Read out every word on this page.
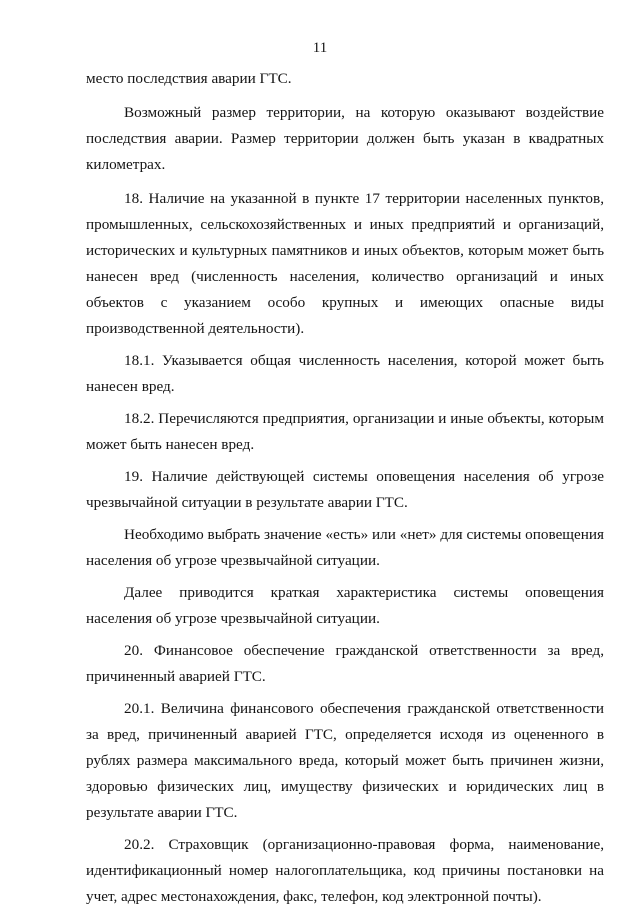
11

место последствия аварии ГТС.

Возможный размер территории, на которую оказывают воздействие последствия аварии. Размер территории должен быть указан в квадратных километрах.

18. Наличие на указанной в пункте 17 территории населенных пунктов, промышленных, сельскохозяйственных и иных предприятий и организаций, исторических и культурных памятников и иных объектов, которым может быть нанесен вред (численность населения, количество организаций и иных объектов с указанием особо крупных и имеющих опасные виды производственной деятельности).

18.1. Указывается общая численность населения, которой может быть нанесен вред.

18.2. Перечисляются предприятия, организации и иные объекты, которым может быть нанесен вред.

19. Наличие действующей системы оповещения населения об угрозе чрезвычайной ситуации в результате аварии ГТС.

Необходимо выбрать значение «есть» или «нет» для системы оповещения населения об угрозе чрезвычайной ситуации.

Далее приводится краткая характеристика системы оповещения населения об угрозе чрезвычайной ситуации.

20. Финансовое обеспечение гражданской ответственности за вред, причиненный аварией ГТС.

20.1. Величина финансового обеспечения гражданской ответственности за вред, причиненный аварией ГТС, определяется исходя из оцененного в рублях размера максимального вреда, который может быть причинен жизни, здоровью физических лиц, имуществу физических и юридических лиц в результате аварии ГТС.

20.2. Страховщик (организационно-правовая форма, наименование, идентификационный номер налогоплательщика, код причины постановки на учет, адрес местонахождения, факс, телефон, код электронной почты).
